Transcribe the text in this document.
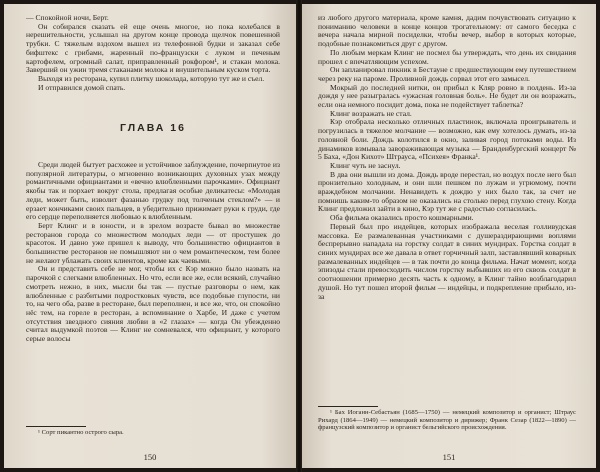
— Спокойной ночи, Берт.

Он собирался сказать ей еще очень многое, но пока колебался в нерешительности, услышал на другом конце провода щелчок повешенной трубки. С тяжелым вздохом вышел из телефонной будки и заказал себе бифштекс с грибами, жаренный по-французски с луком и печеным картофелем, огромный салат, приправленный рокфором¹, и стакан молока. Заверший он ужин тремя стаканами молока и внушительным куском торта.

Выходя из ресторана, купил плитку шоколада, которую тут же и съел.

И отправился домой спать.

ГЛАВА 16

Среди людей бытует расхожее и устойчивое заблуждение, почерпнутое из популярной литературы, о мгновенно возникающих духовных узах между романтичными официантами и «вечно влюбленными парочками». Официант якобы так и порхает вокруг стола, предлагая особые деликатесы: «Молодая леди, может быть, изволит фазанью грудку под толченым стеклом?» — и ерзает кончиками своих пальцев, в убедительно прижимает руки к груди, где его сердце переполняется любовью к влюбленным.

Берт Клинг и в юности, и в зрелом возрасте бывал во множестве ресторанов города со множеством молодых леди — от простушек до красоток. И давно уже пришел к выводу, что большинство официантов в большинстве ресторанов не помышляют ни о чем романтическом, тем более не желают ублажать своих клиентов, кроме как чаевыми.

Он и представить себе не мог, чтобы их с Кэр можно было назвать на парочкой с слегками влюбленных. Но что, если все же, если всякий, случайно смотреть нежно, в них, мысли бы так — пустые разговоры о нем, как влюбленные с разбитыми подростковых чувств, все подобные глупости, ни то, на чего оба, разве в ресторане, был переполнен, и все же, что, он спокойно нёс тем, на гореле в ресторан, а вспоминание о Харбе, И даже с учетом отсутствия звездного сияния любви в «2 глазах» — когда Он убежденно считал выдумкой поэтов — Клинг не сомневался, что официант, у которого серые волосы

¹ Сорт пикантно острого сыра.

150

из любого другого материала, кроме камня, дадим почувствовать ситуацию к пониманию человеки в конце концов трогательному: от самого беседка с вечера начала мирной посиделки, чтобы вечер, выбор в которых которые, подобные познакомиться друг с другом.

По любым меркам Клинг не посмел бы утверждать, что день их свидания прошел с впечатляющим успехом.

Он запланировал пикник в Бестауне с предшествующим ему путешествием через реку на пароме. Проливной дождь сорвал этот его замысел.

Мокрый до последней нитки, он прибыл к Кляр ровно в полдень. Из-за дождя у нее разыгралась «ужасная головная боль». Не будет ли он возражать, если она немного посидит дома, пока не подействует таблетка?

Клинг возражать не стал.

Кэр отобрала несколько отличных пластинок, включала проигрыватель и погрузилась в тяжелое молчание — возможно, как ему хотелось думать, из-за головной боли. Дождь колотился в окно, заливая город потоками воды. Из динамиков взмывала завораживающая музыка — Бранденбургский концерт № 5 Баха, «Дон Кихот» Штрауса, «Психея» Франка¹.

Клинг чуть не заснул.

В два они вышли из дома. Дождь вроде перестал, но воздух после него был пронзительно холодным, и они шли пешком по лужам и угрюмому, почти враждебном молчании. Ненавидеть к дождю у них было так, за счет не помнишь каким-то образом не оказались на столько перед глухою стену. Когда Клинг предложил зайти в кино, Кэр тут же с радостью согласилась.

Оба фильма оказались просто кошмарными.

Первый был про индейцев, которых изображала веселая голливудская массовка. Ее размалеванная участниками с душераздирающими воплями беспрерывно нападала на горстку солдат в синих мундирах. Горстка солдат в синих мундирах все же давала в ответ горчичный залп, заставлявший коварных размалеванных индейцев — в так почти до конца фильма. Начат момент, когда эпизоды стали превосходить числом горстку выбывших из его сквозь солдат в соотношении примерно десять часть к одному, в Клинг тайно возблагодарил душой. Но тут пошел второй фильм — индейцы, и подкрепление прибыло, из-за

¹ Бах Иоганн-Себастьян (1685—1750) — немецкий композитор и органист; Штраус Рихард (1864—1949) — немецкий композитор и дирижер; Франк Сезар (1822—1890) — французский композитор и органист бельгийского происхождения.

151
